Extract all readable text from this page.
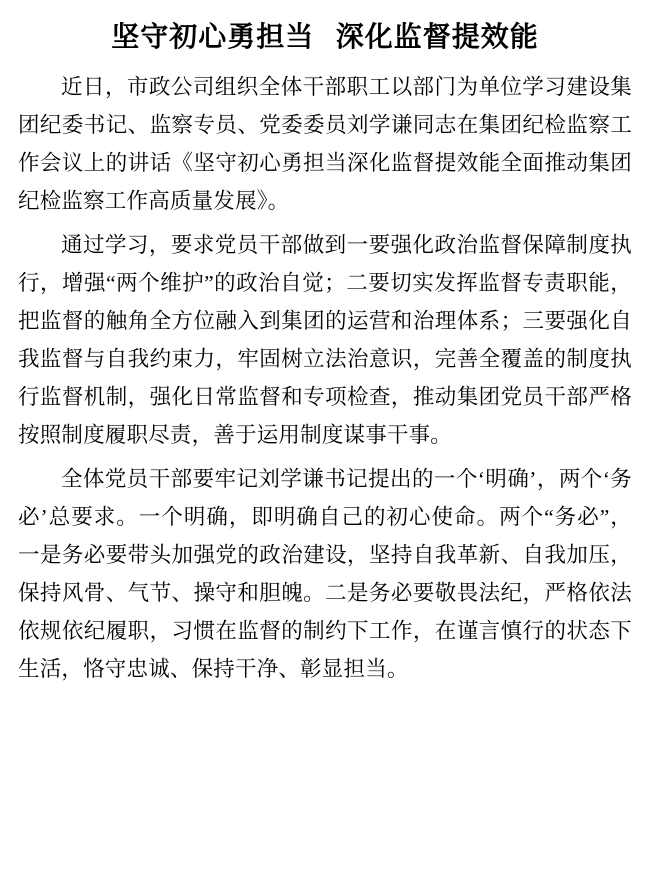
坚守初心勇担当  深化监督提效能

近日，市政公司组织全体干部职工以部门为单位学习建设集团纪委书记、监察专员、党委委员刘学谦同志在集团纪检监察工作会议上的讲话《坚守初心勇担当深化监督提效能全面推动集团纪检监察工作高质量发展》。

通过学习，要求党员干部做到一要强化政治监督保障制度执行，增强“两个维护”的政治自觉；二要切实发挥监督专责职能，把监督的触角全方位融入到集团的运营和治理体系；三要强化自我监督与自我约束力，牢固树立法治意识，完善全覆盖的制度执行监督机制，强化日常监督和专项检查，推动集团党员干部严格按照制度履职尽责，善于运用制度谋事干事。

全体党员干部要牢记刘学谦书记提出的一个‘明确’，两个‘务必’总要求。一个明确，即明确自己的初心使命。两个“务必”， 一是务必要带头加强党的政治建设，坚持自我革新、自我加压，保持风骨、气节、操守和胆魄。二是务必要敬畏法纪，严格依法依规依纪履职，习惯在监督的制约下工作，在谨言慎行的状态下生活，恪守忠诚、保持干净、彰显担当。
